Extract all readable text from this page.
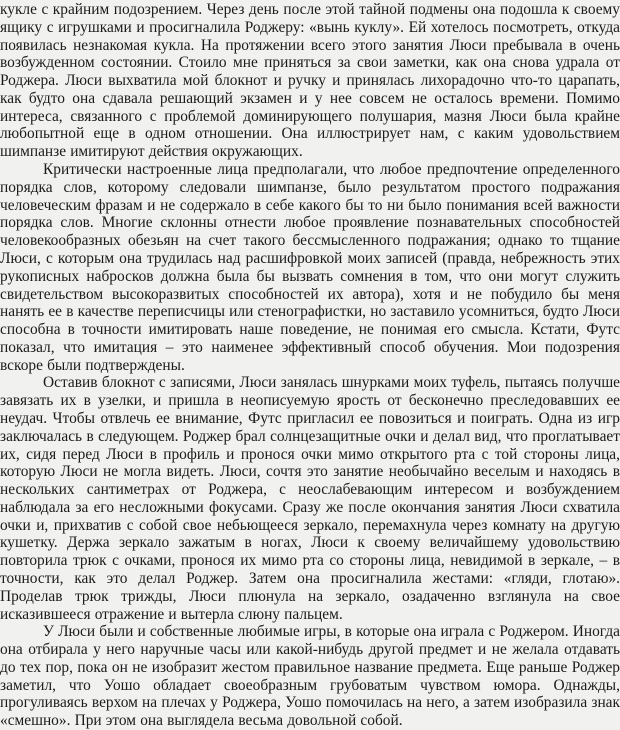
кукле с крайним подозрением. Через день после этой тайной подмены она подошла к своему ящику с игрушками и просигналила Роджеру: «вынь куклу». Ей хотелось посмотреть, откуда появилась незнакомая кукла. На протяжении всего этого занятия Люси пребывала в очень возбужденном состоянии. Стоило мне приняться за свои заметки, как она снова удрала от Роджера. Люси выхватила мой блокнот и ручку и принялась лихорадочно что-то царапать, как будто она сдавала решающий экзамен и у нее совсем не осталось времени. Помимо интереса, связанного с проблемой доминирующего полушария, мазня Люси была крайне любопытной еще в одном отношении. Она иллюстрирует нам, с каким удовольствием шимпанзе имитируют действия окружающих.

Критически настроенные лица предполагали, что любое предпочтение определенного порядка слов, которому следовали шимпанзе, было результатом простого подражания человеческим фразам и не содержало в себе какого бы то ни было понимания всей важности порядка слов. Многие склонны отнести любое проявление познавательных способностей человекообразных обезьян на счет такого бессмысленного подражания; однако то тщание Люси, с которым она трудилась над расшифровкой моих записей (правда, небрежность этих рукописных набросков должна была бы вызвать сомнения в том, что они могут служить свидетельством высокоразвитых способностей их автора), хотя и не побудило бы меня нанять ее в качестве переписчицы или стенографистки, но заставило усомниться, будто Люси способна в точности имитировать наше поведение, не понимая его смысла. Кстати, Футс показал, что имитация – это наименее эффективный способ обучения. Мои подозрения вскоре были подтверждены.

Оставив блокнот с записями, Люси занялась шнурками моих туфель, пытаясь получше завязать их в узелки, и пришла в неописуемую ярость от бесконечно преследовавших ее неудач. Чтобы отвлечь ее внимание, Футс пригласил ее повозиться и поиграть. Одна из игр заключалась в следующем. Роджер брал солнцезащитные очки и делал вид, что проглатывает их, сидя перед Люси в профиль и пронося очки мимо открытого рта с той стороны лица, которую Люси не могла видеть. Люси, сочтя это занятие необычайно веселым и находясь в нескольких сантиметрах от Роджера, с неослабевающим интересом и возбуждением наблюдала за его несложными фокусами. Сразу же после окончания занятия Люси схватила очки и, прихватив с собой свое небьющееся зеркало, перемахнула через комнату на другую кушетку. Держа зеркало зажатым в ногах, Люси к своему величайшему удовольствию повторила трюк с очками, пронося их мимо рта со стороны лица, невидимой в зеркале, – в точности, как это делал Роджер. Затем она просигналила жестами: «гляди, глотаю». Проделав трюк трижды, Люси плюнула на зеркало, озадаченно взглянула на свое исказившееся отражение и вытерла слюну пальцем.

У Люси были и собственные любимые игры, в которые она играла с Роджером. Иногда она отбирала у него наручные часы или какой-нибудь другой предмет и не желала отдавать до тех пор, пока он не изобразит жестом правильное название предмета. Еще раньше Роджер заметил, что Уошо обладает своеобразным грубоватым чувством юмора. Однажды, прогуливаясь верхом на плечах у Роджера, Уошо помочилась на него, а затем изобразила знак «смешно». При этом она выглядела весьма довольной собой.
